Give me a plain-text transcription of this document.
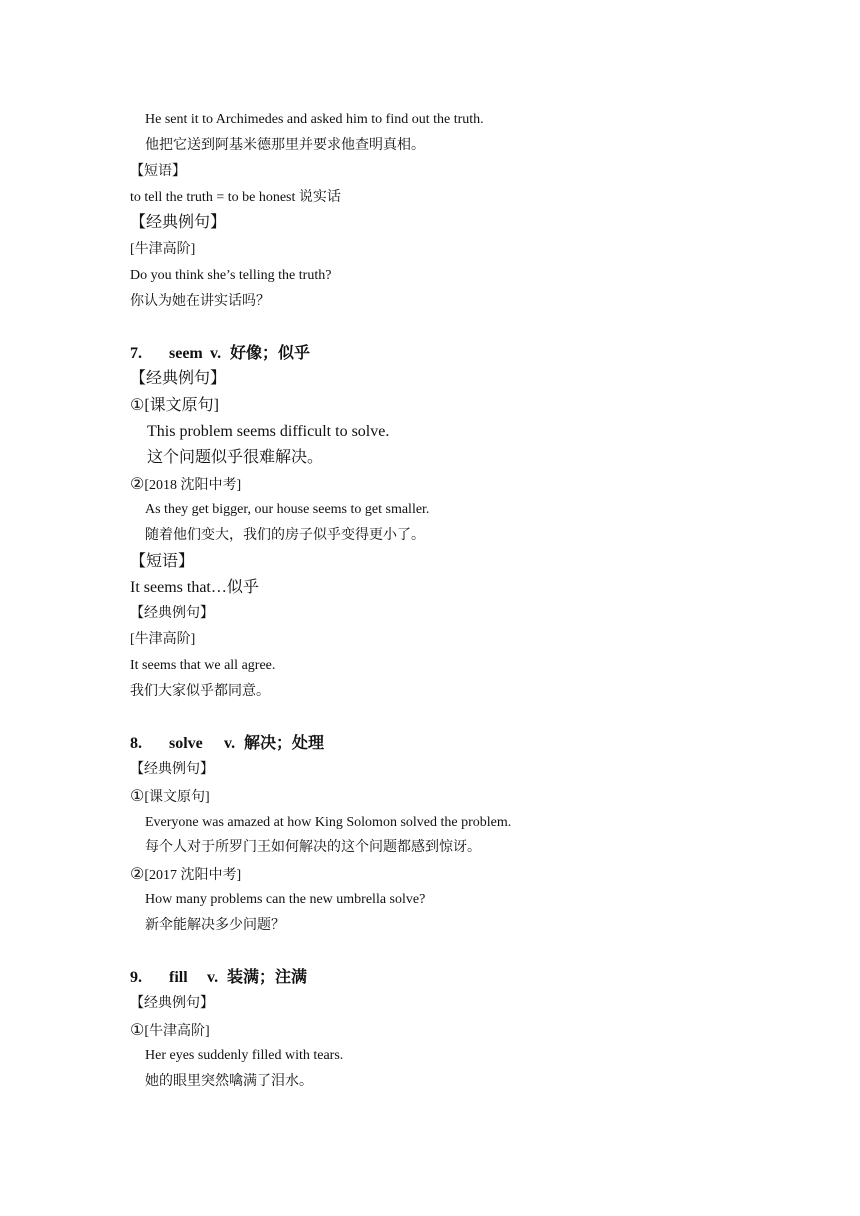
He sent it to Archimedes and asked him to find out the truth.
他把它送到阿基米德那里并要求他查明真相。
【短语】
to tell the truth = to be honest 说实话
【经典例句】
[牛津高阶]
Do you think she’s telling the truth?
你认为她在讲实话吗？
7. seem v. 好像；似乎
【经典例句】
①[课文原句]
This problem seems difficult to solve.
这个问题似乎很难解决。
②[2018 沈阳中考]
As they get bigger, our house seems to get smaller.
随着他们变大，我们的房子似乎变得更小了。
【短语】
It seems that…似乎
【经典例句】
[牛津高阶]
It seems that we all agree.
我们大家似乎都同意。
8. solve v. 解决；处理
【经典例句】
①[课文原句]
Everyone was amazed at how King Solomon solved the problem.
每个人对于所罗门王如何解决的这个问题都感到惊讶。
②[2017 沈阳中考]
How many problems can the new umbrella solve?
新伞能解决多少问题？
9. fill v. 装满；注满
【经典例句】
①[牛津高阶]
Her eyes suddenly filled with tears.
她的眼里突然噙满了泪水。
